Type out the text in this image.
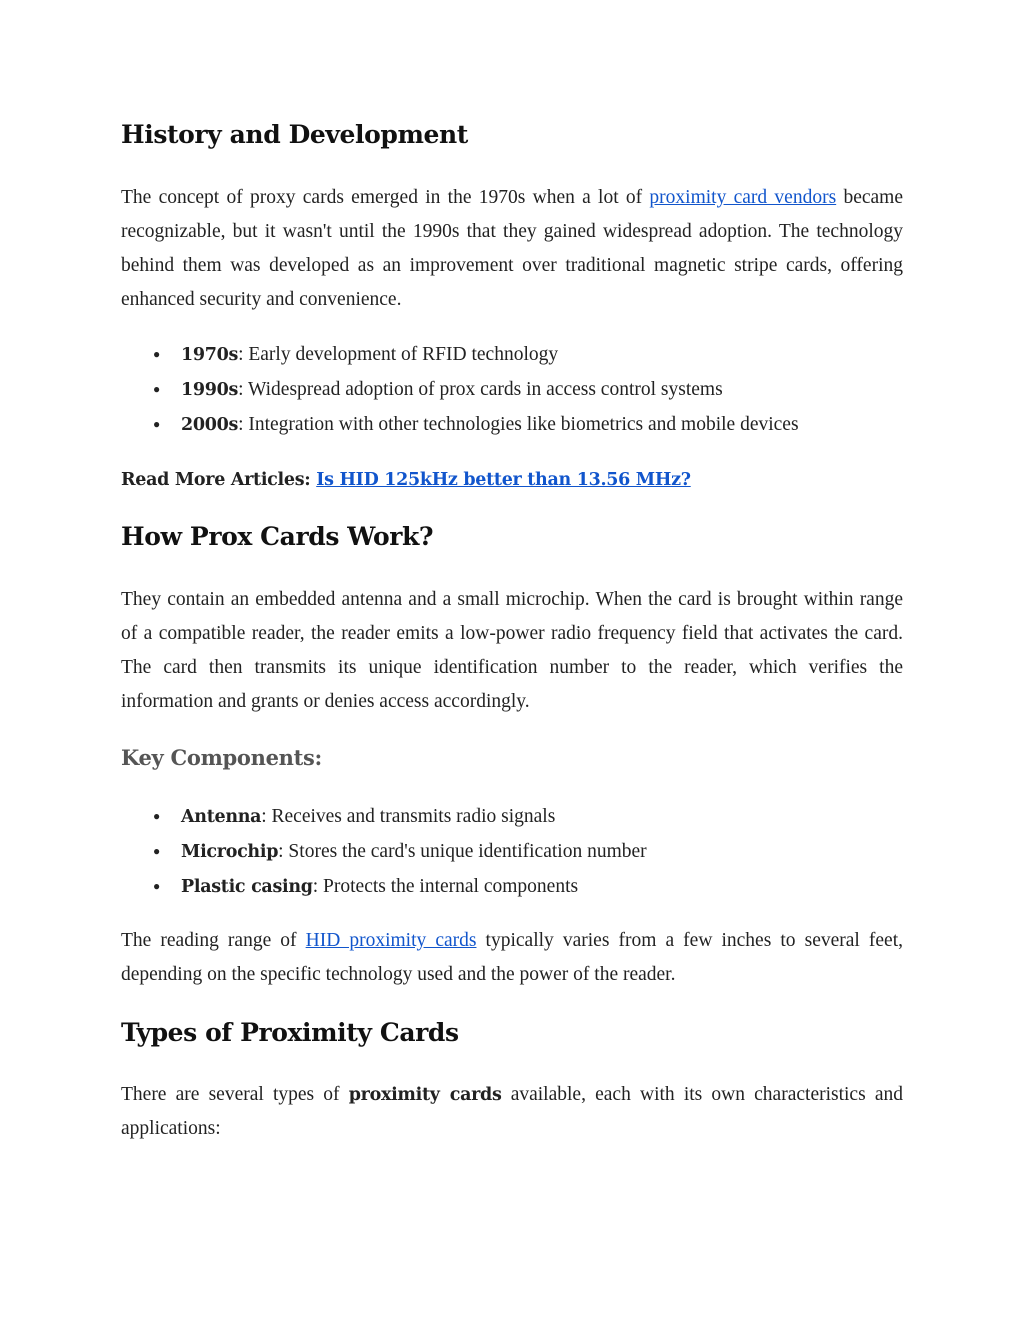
History and Development

The concept of proxy cards emerged in the 1970s when a lot of proximity card vendors became recognizable, but it wasn't until the 1990s that they gained widespread adoption. The technology behind them was developed as an improvement over traditional magnetic stripe cards, offering enhanced security and convenience.

● 1970s: Early development of RFID technology
● 1990s: Widespread adoption of prox cards in access control systems
● 2000s: Integration with other technologies like biometrics and mobile devices
Read More Articles: Is HID 125kHz better than 13.56 MHz?
How Prox Cards Work?

They contain an embedded antenna and a small microchip. When the card is brought within range of a compatible reader, the reader emits a low-power radio frequency field that activates the card. The card then transmits its unique identification number to the reader, which verifies the information and grants or denies access accordingly.

Key Components:
● Antenna: Receives and transmits radio signals
● Microchip: Stores the card's unique identification number
● Plastic casing: Protects the internal components

The reading range of HID proximity cards typically varies from a few inches to several feet, depending on the specific technology used and the power of the reader.

Types of Proximity Cards

There are several types of proximity cards available, each with its own characteristics and applications:
